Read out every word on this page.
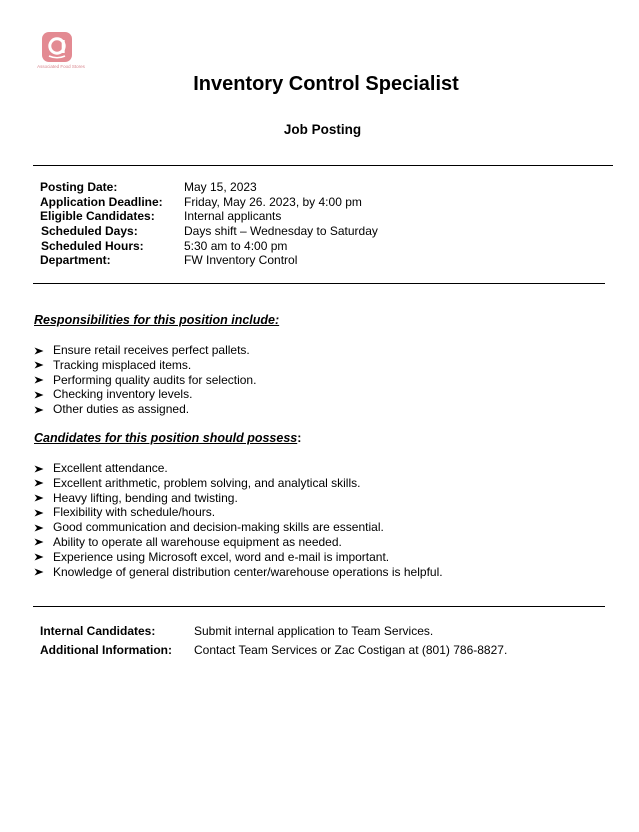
Associated Food Stores
Inventory Control Specialist
Job Posting
Posting Date:	May 15, 2023
Application Deadline: Friday, May 26. 2023, by 4:00 pm
Eligible Candidates: Internal applicants
Scheduled Days:	Days shift – Wednesday to Saturday
Scheduled Hours:	5:30 am to 4:00 pm
Department:	FW Inventory Control
Responsibilities for this position include:
Ensure retail receives perfect pallets.
Tracking misplaced items.
Performing quality audits for selection.
Checking inventory levels.
Other duties as assigned.
Candidates for this position should possess:
Excellent attendance.
Excellent arithmetic, problem solving, and analytical skills.
Heavy lifting, bending and twisting.
Flexibility with schedule/hours.
Good communication and decision-making skills are essential.
Ability to operate all warehouse equipment as needed.
Experience using Microsoft excel, word and e-mail is important.
Knowledge of general distribution center/warehouse operations is helpful.
Internal Candidates:	Submit internal application to Team Services.
Additional Information: Contact Team Services or Zac Costigan at (801) 786-8827.
